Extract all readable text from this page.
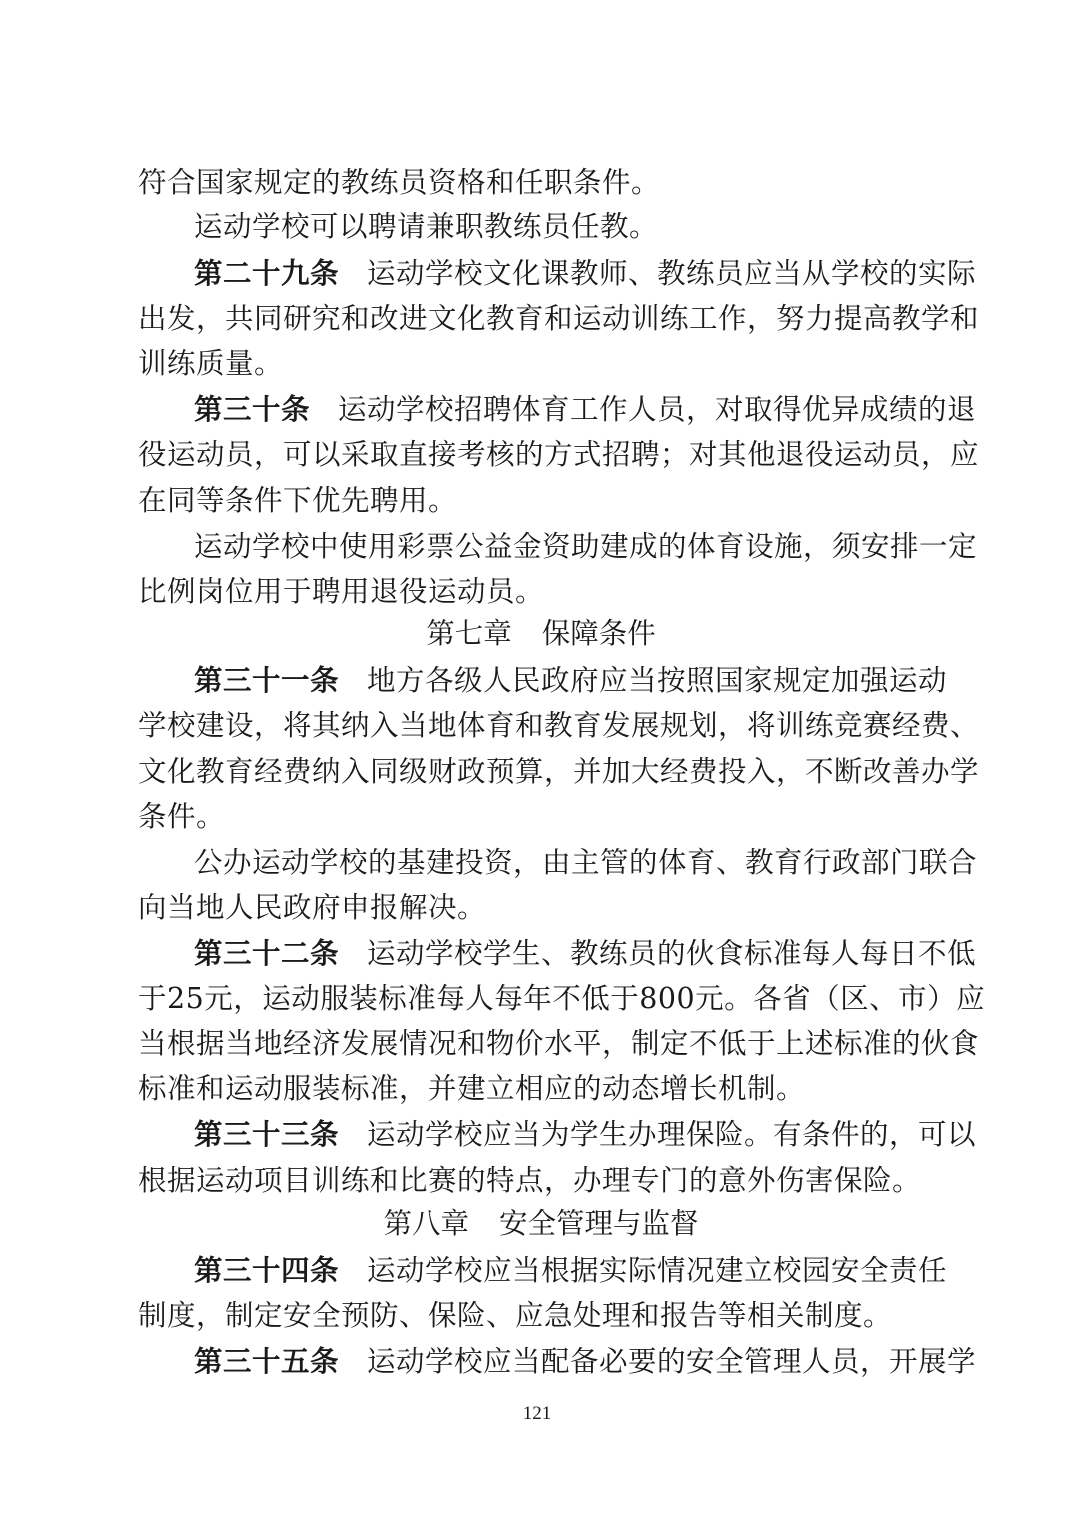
符合国家规定的教练员资格和任职条件。
运动学校可以聘请兼职教练员任教。
第二十九条 运动学校文化课教师、教练员应当从学校的实际
出发，共同研究和改进文化教育和运动训练工作，努力提高教学和
训练质量。
第三十条 运动学校招聘体育工作人员，对取得优异成绩的退
役运动员，可以采取直接考核的方式招聘；对其他退役运动员，应
在同等条件下优先聘用。
运动学校中使用彩票公益金资助建成的体育设施，须安排一定
比例岗位用于聘用退役运动员。
第七章 保障条件
第三十一条 地方各级人民政府应当按照国家规定加强运动
学校建设，将其纳入当地体育和教育发展规划，将训练竞赛经费、
文化教育经费纳入同级财政预算，并加大经费投入，不断改善办学
条件。
公办运动学校的基建投资，由主管的体育、教育行政部门联合
向当地人民政府申报解决。
第三十二条 运动学校学生、教练员的伙食标准每人每日不低
于25元，运动服装标准每人每年不低于800元。各省（区、市）应
当根据当地经济发展情况和物价水平，制定不低于上述标准的伙食
标准和运动服装标准，并建立相应的动态增长机制。
第三十三条 运动学校应当为学生办理保险。有条件的，可以
根据运动项目训练和比赛的特点，办理专门的意外伤害保险。
第八章 安全管理与监督
第三十四条 运动学校应当根据实际情况建立校园安全责任
制度，制定安全预防、保险、应急处理和报告等相关制度。
第三十五条 运动学校应当配备必要的安全管理人员，开展学
121
